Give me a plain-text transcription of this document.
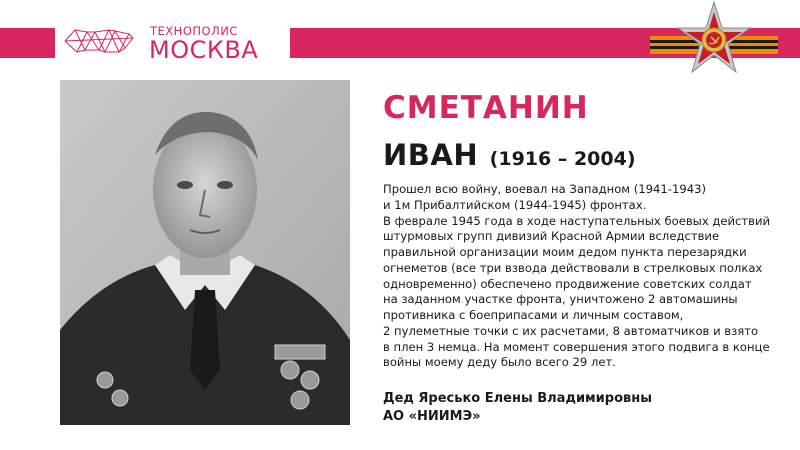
ТЕХНОПОЛИС
МОСКВА
СМЕТАНИН
ИВАН (1916 – 2004)
Прошел всю войну, воевал на Западном (1941-1943)
и 1м Прибалтийском (1944-1945) фронтах.
В феврале 1945 года в ходе наступательных боевых действий
штурмовых групп дивизий Красной Армии вследствие
правильной организации моим дедом пункта перезарядки
огнеметов (все три взвода действовали в стрелковых полках
одновременно) обеспечено продвижение советских солдат
на заданном участке фронта, уничтожено 2 автомашины
противника с боеприпасами и личным составом,
2 пулеметные точки с их расчетами, 8 автоматчиков и взято
в плен 3 немца. На момент совершения этого подвига в конце
войны моему деду было всего 29 лет.
Дед Яресько Елены Владимировны
АО «НИИМЭ»
